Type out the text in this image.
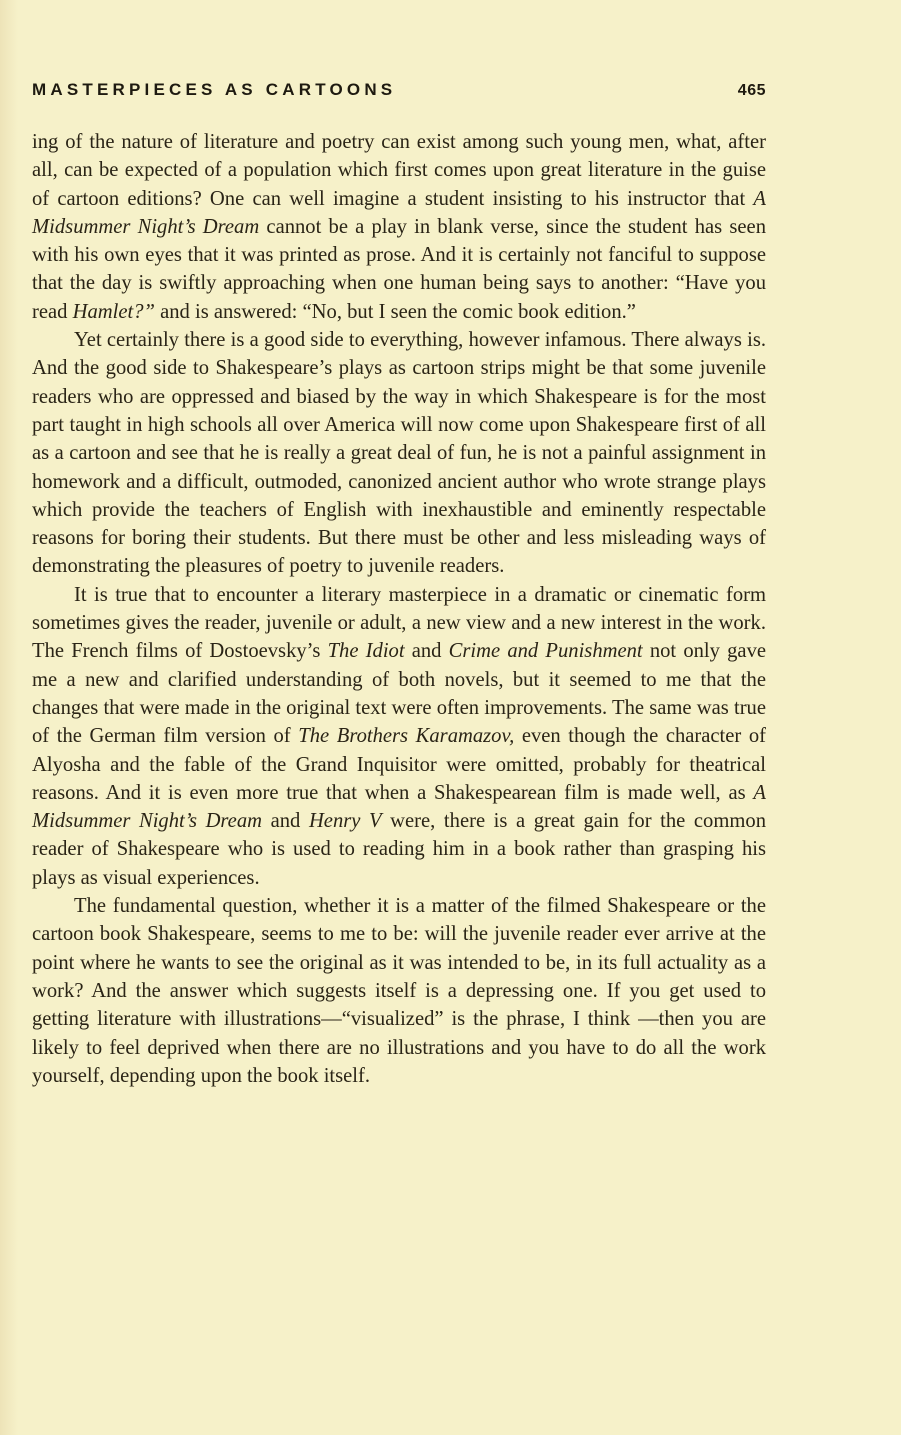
MASTERPIECES AS CARTOONS	465

ing of the nature of literature and poetry can exist among such young men, what, after all, can be expected of a population which first comes upon great literature in the guise of cartoon editions? One can well imagine a student insisting to his instructor that A Midsummer Night’s Dream cannot be a play in blank verse, since the student has seen with his own eyes that it was printed as prose. And it is certainly not fanciful to suppose that the day is swiftly approaching when one human being says to another: “Have you read Hamlet?” and is answered: “No, but I seen the comic book edition.”

Yet certainly there is a good side to everything, however infamous. There always is. And the good side to Shakespeare’s plays as cartoon strips might be that some juvenile readers who are oppressed and biased by the way in which Shakespeare is for the most part taught in high schools all over America will now come upon Shakespeare first of all as a cartoon and see that he is really a great deal of fun, he is not a painful assignment in homework and a difficult, outmoded, canonized ancient author who wrote strange plays which provide the teachers of English with inexhaustible and eminently respectable reasons for boring their students. But there must be other and less misleading ways of demonstrating the pleasures of poetry to juvenile readers.

It is true that to encounter a literary masterpiece in a dramatic or cinematic form sometimes gives the reader, juvenile or adult, a new view and a new interest in the work. The French films of Dostoevsky’s The Idiot and Crime and Punishment not only gave me a new and clarified understanding of both novels, but it seemed to me that the changes that were made in the original text were often improvements. The same was true of the German film version of The Brothers Karamazov, even though the character of Alyosha and the fable of the Grand Inquisitor were omitted, probably for theatrical reasons. And it is even more true that when a Shakespearean film is made well, as A Midsummer Night’s Dream and Henry V were, there is a great gain for the common reader of Shakespeare who is used to reading him in a book rather than grasping his plays as visual experiences.

The fundamental question, whether it is a matter of the filmed Shakespeare or the cartoon book Shakespeare, seems to me to be: will the juvenile reader ever arrive at the point where he wants to see the original as it was intended to be, in its full actuality as a work? And the answer which suggests itself is a depressing one. If you get used to getting literature with illustrations—“visualized” is the phrase, I think —then you are likely to feel deprived when there are no illustrations and you have to do all the work yourself, depending upon the book itself.
